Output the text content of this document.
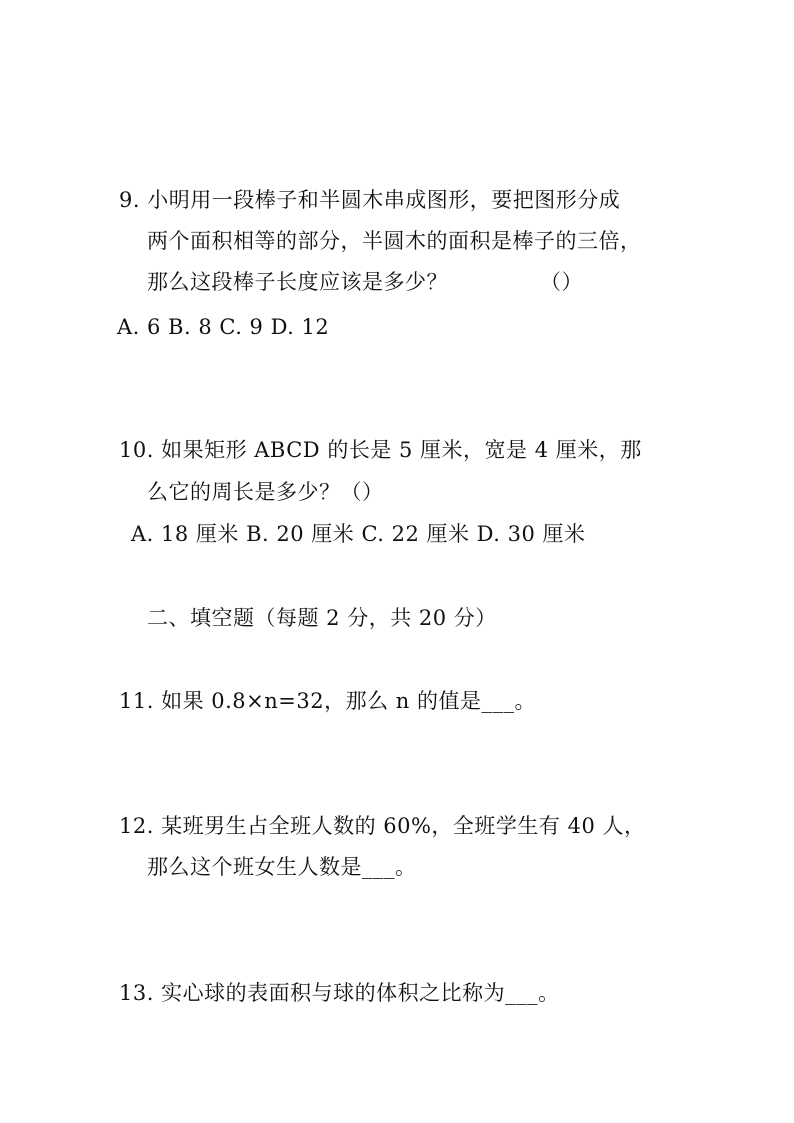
9. 小明用一段棒子和半圆木串成图形，要把图形分成
两个面积相等的部分，半圆木的面积是棒子的三倍，
那么这段棒子长度应该是多少？	（）
A. 6 B. 8 C. 9 D. 12
10. 如果矩形 ABCD 的长是 5 厘米，宽是 4 厘米，那
么它的周长是多少？（）
A. 18 厘米 B. 20 厘米 C. 22 厘米 D. 30 厘米
二、填空题（每题 2 分，共 20 分）
11. 如果 0.8×n=32，那么 n 的值是___。
12. 某班男生占全班人数的 60%，全班学生有 40 人，
那么这个班女生人数是___。
13. 实心球的表面积与球的体积之比称为___。
